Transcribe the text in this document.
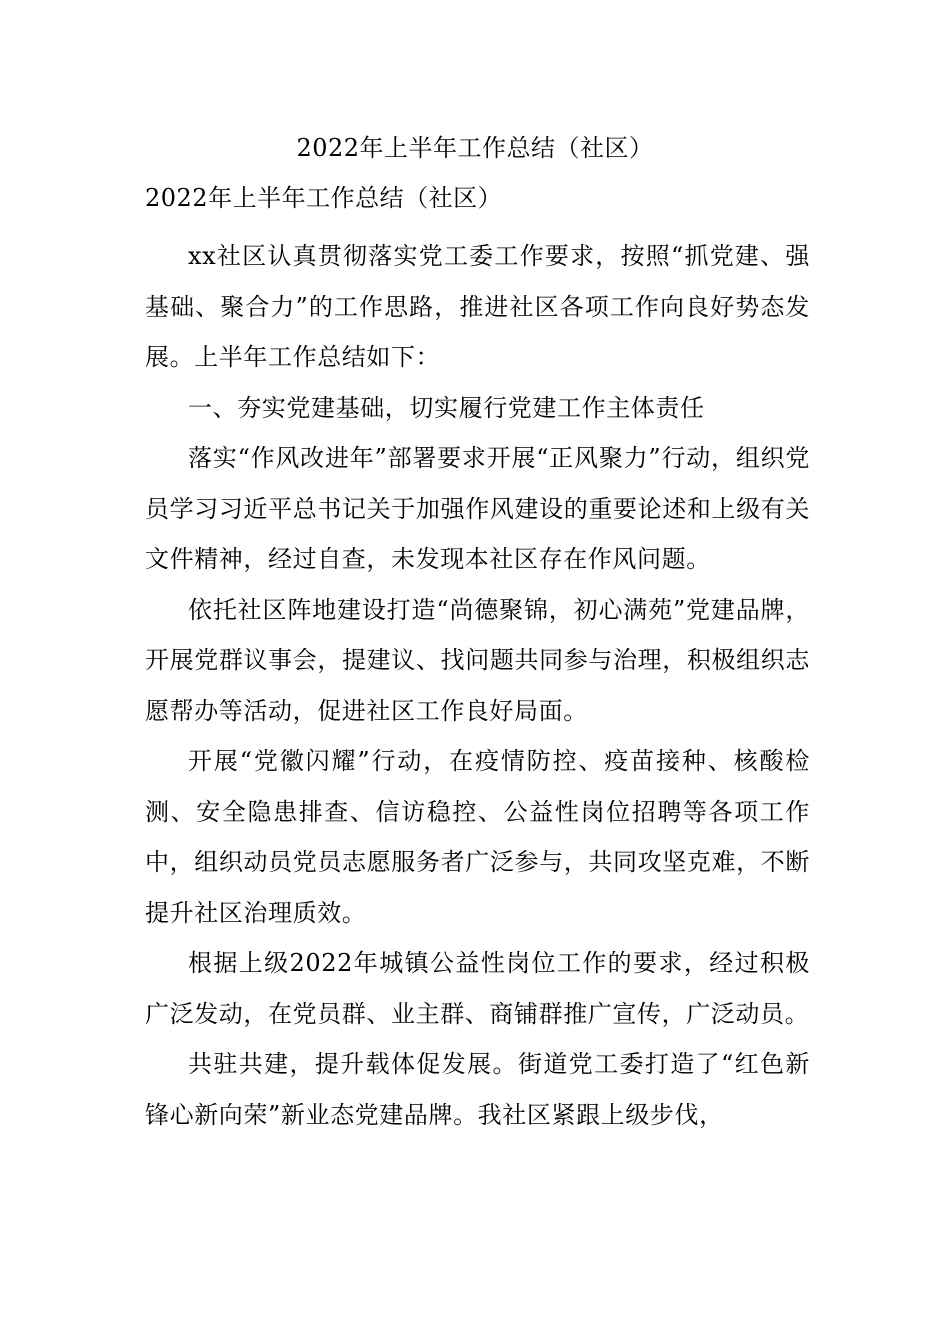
2022年上半年工作总结（社区）
2022年上半年工作总结（社区）

xx社区认真贯彻落实党工委工作要求，按照“抓党建、强基础、聚合力”的工作思路，推进社区各项工作向良好势态发展。上半年工作总结如下：

一、夯实党建基础，切实履行党建工作主体责任

落实“作风改进年”部署要求开展“正风聚力”行动，组织党员学习习近平总书记关于加强作风建设的重要论述和上级有关文件精神，经过自查，未发现本社区存在作风问题。

依托社区阵地建设打造“尚德聚锦，初心满苑”党建品牌，开展党群议事会，提建议、找问题共同参与治理，积极组织志愿帮办等活动，促进社区工作良好局面。

开展“党徽闪耀”行动，在疫情防控、疫苗接种、核酸检测、安全隐患排查、信访稳控、公益性岗位招聘等各项工作中，组织动员党员志愿服务者广泛参与，共同攻坚克难，不断提升社区治理质效。

根据上级2022年城镇公益性岗位工作的要求，经过积极广泛发动，在党员群、业主群、商铺群推广宣传，广泛动员。

共驻共建，提升载体促发展。街道党工委打造了“红色新锋心新向荣”新业态党建品牌。我社区紧跟上级步伐，
